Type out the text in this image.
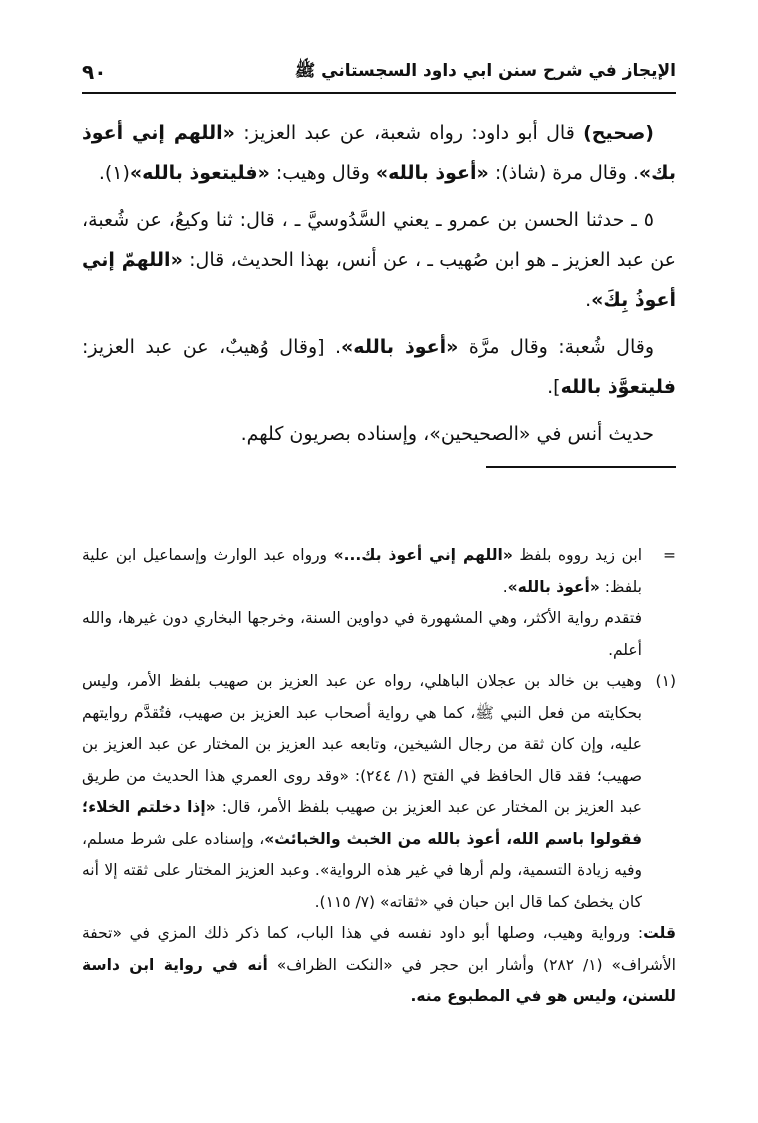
الإيجاز في شرح سنن ابي داود السجستاني ﷺ
٩٠

(صحيح) قال أبو داود: رواه شعبة، عن عبد العزيز: «اللهم إني أعوذ بك». وقال مرة (شاذ): «أعوذ بالله» وقال وهيب: «فليتعوذ بالله»(١).

٥ ـ حدثنا الحسن بن عمرو ـ يعني السَّدُوسيَّ ـ ، قال: ثنا وكيعُ، عن شُعبة، عن عبد العزيز ـ هو ابن صُهيب ـ ، عن أنس، بهذا الحديث، قال: «اللهمّ إني أعوذُ بِكَ».

وقال شُعبة: وقال مرَّة «أعوذ بالله». [وقال وُهيبٌ، عن عبد العزيز: فليتعوَّذ بالله].

حديث أنس في «الصحيحين»، وإسناده بصريون كلهم.

=
ابن زيد رووه بلفظ «اللهم إني أعوذ بك...» ورواه عبد الوارث وإسماعيل ابن علية بلفظ: «أعوذ بالله».
فتقدم رواية الأكثر، وهي المشهورة في دواوين السنة، وخرجها البخاري دون غيرها، والله أعلم.
(١)
وهيب بن خالد بن عجلان الباهلي، رواه عن عبد العزيز بن صهيب بلفظ الأمر، وليس بحكايته من فعل النبي ﷺ، كما هي رواية أصحاب عبد العزيز بن صهيب، فتُقدَّم روايتهم عليه، وإن كان ثقة من رجال الشيخين، وتابعه عبد العزيز بن المختار عن عبد العزيز بن صهيب؛ فقد قال الحافظ في الفتح (١/ ٢٤٤): «وقد روى العمري هذا الحديث من طريق عبد العزيز بن المختار عن عبد العزيز بن صهيب بلفظ الأمر، قال: «إذا دخلتم الخلاء؛ فقولوا باسم الله، أعوذ بالله من الخبث والخبائث»، وإسناده على شرط مسلم، وفيه زيادة التسمية، ولم أرها في غير هذه الرواية». وعبد العزيز المختار على ثقته إلا أنه كان يخطئ كما قال ابن حبان في «ثقاته» (٧/ ١١٥).
قلت: ورواية وهيب، وصلها أبو داود نفسه في هذا الباب، كما ذكر ذلك المزي في «تحفة الأشراف» (١/ ٢٨٢) وأشار ابن حجر في «النكت الظراف» أنه في رواية ابن داسة للسنن، وليس هو في المطبوع منه.
